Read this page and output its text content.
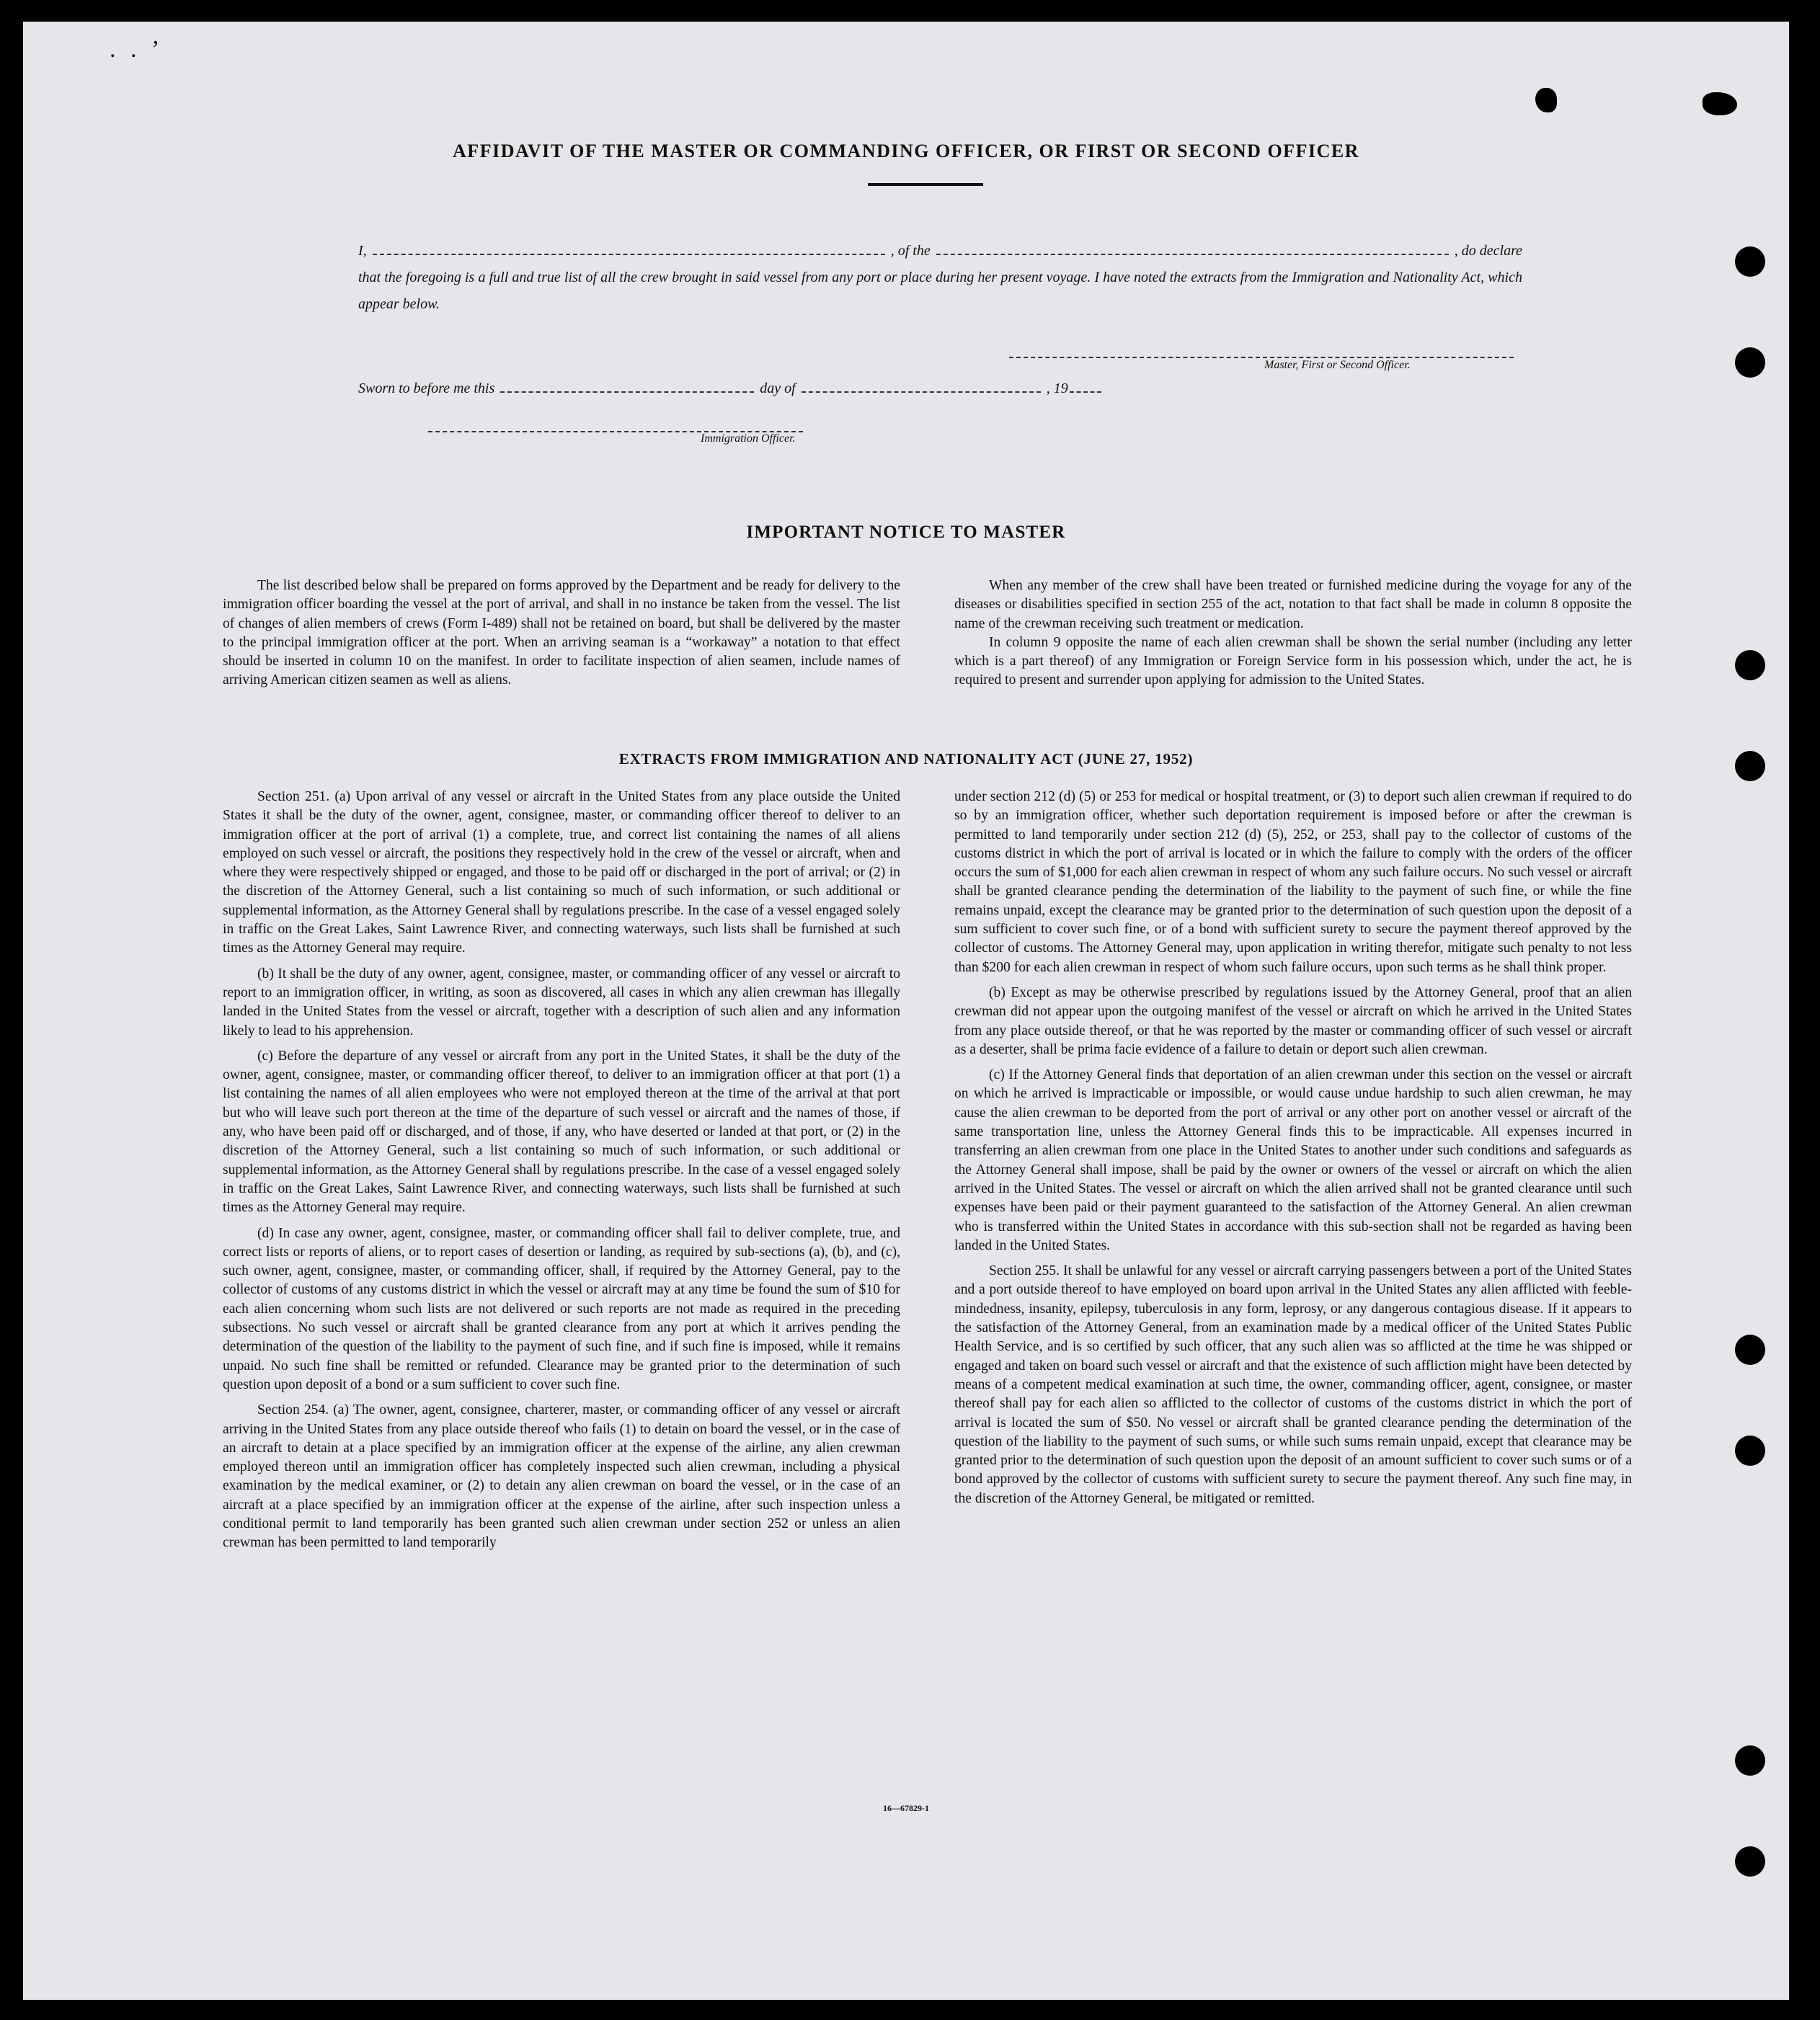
. . ’
AFFIDAVIT OF THE MASTER OR COMMANDING OFFICER, OR FIRST OR SECOND OFFICER
I,	, of the	, do declare
that the foregoing is a full and true list of all the crew brought in said vessel from any port or place during her present voyage. I have noted the extracts from the Immigration and Nationality Act, which appear below.
Master, First or Second Officer.
Sworn to before me this	day of	, 19
Immigration Officer.
IMPORTANT NOTICE TO MASTER

The list described below shall be prepared on forms approved by the Department and be ready for delivery to the immigration officer boarding the vessel at the port of arrival, and shall in no instance be taken from the vessel. The list of changes of alien members of crews (Form I-489) shall not be retained on board, but shall be delivered by the master to the principal immigration officer at the port. When an arriving seaman is a “workaway” a notation to that effect should be inserted in column 10 on the manifest. In order to facilitate inspection of alien seamen, include names of arriving American citizen seamen as well as aliens.

When any member of the crew shall have been treated or furnished medicine during the voyage for any of the diseases or disabilities specified in section 255 of the act, notation to that fact shall be made in column 8 opposite the name of the crewman receiving such treatment or medication.

In column 9 opposite the name of each alien crewman shall be shown the serial number (including any letter which is a part thereof) of any Immigration or Foreign Service form in his possession which, under the act, he is required to present and surrender upon applying for admission to the United States.

EXTRACTS FROM IMMIGRATION AND NATIONALITY ACT (JUNE 27, 1952)

Section 251. (a) Upon arrival of any vessel or aircraft in the United States from any place outside the United States it shall be the duty of the owner, agent, consignee, master, or commanding officer thereof to deliver to an immigration officer at the port of arrival (1) a complete, true, and correct list containing the names of all aliens employed on such vessel or aircraft, the positions they respectively hold in the crew of the vessel or aircraft, when and where they were respectively shipped or engaged, and those to be paid off or discharged in the port of arrival; or (2) in the discretion of the Attorney General, such a list containing so much of such information, or such additional or supplemental information, as the Attorney General shall by regulations prescribe. In the case of a vessel engaged solely in traffic on the Great Lakes, Saint Lawrence River, and connecting waterways, such lists shall be furnished at such times as the Attorney General may require.

(b) It shall be the duty of any owner, agent, consignee, master, or commanding officer of any vessel or aircraft to report to an immigration officer, in writing, as soon as discovered, all cases in which any alien crewman has illegally landed in the United States from the vessel or aircraft, together with a description of such alien and any information likely to lead to his apprehension.

(c) Before the departure of any vessel or aircraft from any port in the United States, it shall be the duty of the owner, agent, consignee, master, or commanding officer thereof, to deliver to an immigration officer at that port (1) a list containing the names of all alien employees who were not employed thereon at the time of the arrival at that port but who will leave such port thereon at the time of the departure of such vessel or aircraft and the names of those, if any, who have been paid off or discharged, and of those, if any, who have deserted or landed at that port, or (2) in the discretion of the Attorney General, such a list containing so much of such information, or such additional or supplemental information, as the Attorney General shall by regulations prescribe. In the case of a vessel engaged solely in traffic on the Great Lakes, Saint Lawrence River, and connecting waterways, such lists shall be furnished at such times as the Attorney General may require.

(d) In case any owner, agent, consignee, master, or commanding officer shall fail to deliver complete, true, and correct lists or reports of aliens, or to report cases of desertion or landing, as required by sub-sections (a), (b), and (c), such owner, agent, consignee, master, or commanding officer, shall, if required by the Attorney General, pay to the collector of customs of any customs district in which the vessel or aircraft may at any time be found the sum of $10 for each alien concerning whom such lists are not delivered or such reports are not made as required in the preceding subsections. No such vessel or aircraft shall be granted clearance from any port at which it arrives pending the determination of the question of the liability to the payment of such fine, and if such fine is imposed, while it remains unpaid. No such fine shall be remitted or refunded. Clearance may be granted prior to the determination of such question upon deposit of a bond or a sum sufficient to cover such fine.

Section 254. (a) The owner, agent, consignee, charterer, master, or commanding officer of any vessel or aircraft arriving in the United States from any place outside thereof who fails (1) to detain on board the vessel, or in the case of an aircraft to detain at a place specified by an immigration officer at the expense of the airline, any alien crewman employed thereon until an immigration officer has completely inspected such alien crewman, including a physical examination by the medical examiner, or (2) to detain any alien crewman on board the vessel, or in the case of an aircraft at a place specified by an immigration officer at the expense of the airline, after such inspection unless a conditional permit to land temporarily has been granted such alien crewman under section 252 or unless an alien crewman has been permitted to land temporarily

under section 212 (d) (5) or 253 for medical or hospital treatment, or (3) to deport such alien crewman if required to do so by an immigration officer, whether such deportation requirement is imposed before or after the crewman is permitted to land temporarily under section 212 (d) (5), 252, or 253, shall pay to the collector of customs of the customs district in which the port of arrival is located or in which the failure to comply with the orders of the officer occurs the sum of $1,000 for each alien crewman in respect of whom any such failure occurs. No such vessel or aircraft shall be granted clearance pending the determination of the liability to the payment of such fine, or while the fine remains unpaid, except the clearance may be granted prior to the determination of such question upon the deposit of a sum sufficient to cover such fine, or of a bond with sufficient surety to secure the payment thereof approved by the collector of customs. The Attorney General may, upon application in writing therefor, mitigate such penalty to not less than $200 for each alien crewman in respect of whom such failure occurs, upon such terms as he shall think proper.

(b) Except as may be otherwise prescribed by regulations issued by the Attorney General, proof that an alien crewman did not appear upon the outgoing manifest of the vessel or aircraft on which he arrived in the United States from any place outside thereof, or that he was reported by the master or commanding officer of such vessel or aircraft as a deserter, shall be prima facie evidence of a failure to detain or deport such alien crewman.

(c) If the Attorney General finds that deportation of an alien crewman under this section on the vessel or aircraft on which he arrived is impracticable or impossible, or would cause undue hardship to such alien crewman, he may cause the alien crewman to be deported from the port of arrival or any other port on another vessel or aircraft of the same transportation line, unless the Attorney General finds this to be impracticable. All expenses incurred in transferring an alien crewman from one place in the United States to another under such conditions and safeguards as the Attorney General shall impose, shall be paid by the owner or owners of the vessel or aircraft on which the alien arrived in the United States. The vessel or aircraft on which the alien arrived shall not be granted clearance until such expenses have been paid or their payment guaranteed to the satisfaction of the Attorney General. An alien crewman who is transferred within the United States in accordance with this sub-section shall not be regarded as having been landed in the United States.

Section 255. It shall be unlawful for any vessel or aircraft carrying passengers between a port of the United States and a port outside thereof to have employed on board upon arrival in the United States any alien afflicted with feeble-mindedness, insanity, epilepsy, tuberculosis in any form, leprosy, or any dangerous contagious disease. If it appears to the satisfaction of the Attorney General, from an examination made by a medical officer of the United States Public Health Service, and is so certified by such officer, that any such alien was so afflicted at the time he was shipped or engaged and taken on board such vessel or aircraft and that the existence of such affliction might have been detected by means of a competent medical examination at such time, the owner, commanding officer, agent, consignee, or master thereof shall pay for each alien so afflicted to the collector of customs of the customs district in which the port of arrival is located the sum of $50. No vessel or aircraft shall be granted clearance pending the determination of the question of the liability to the payment of such sums, or while such sums remain unpaid, except that clearance may be granted prior to the determination of such question upon the deposit of an amount sufficient to cover such sums or of a bond approved by the collector of customs with sufficient surety to secure the payment thereof. Any such fine may, in the discretion of the Attorney General, be mitigated or remitted.

16—67829-1
